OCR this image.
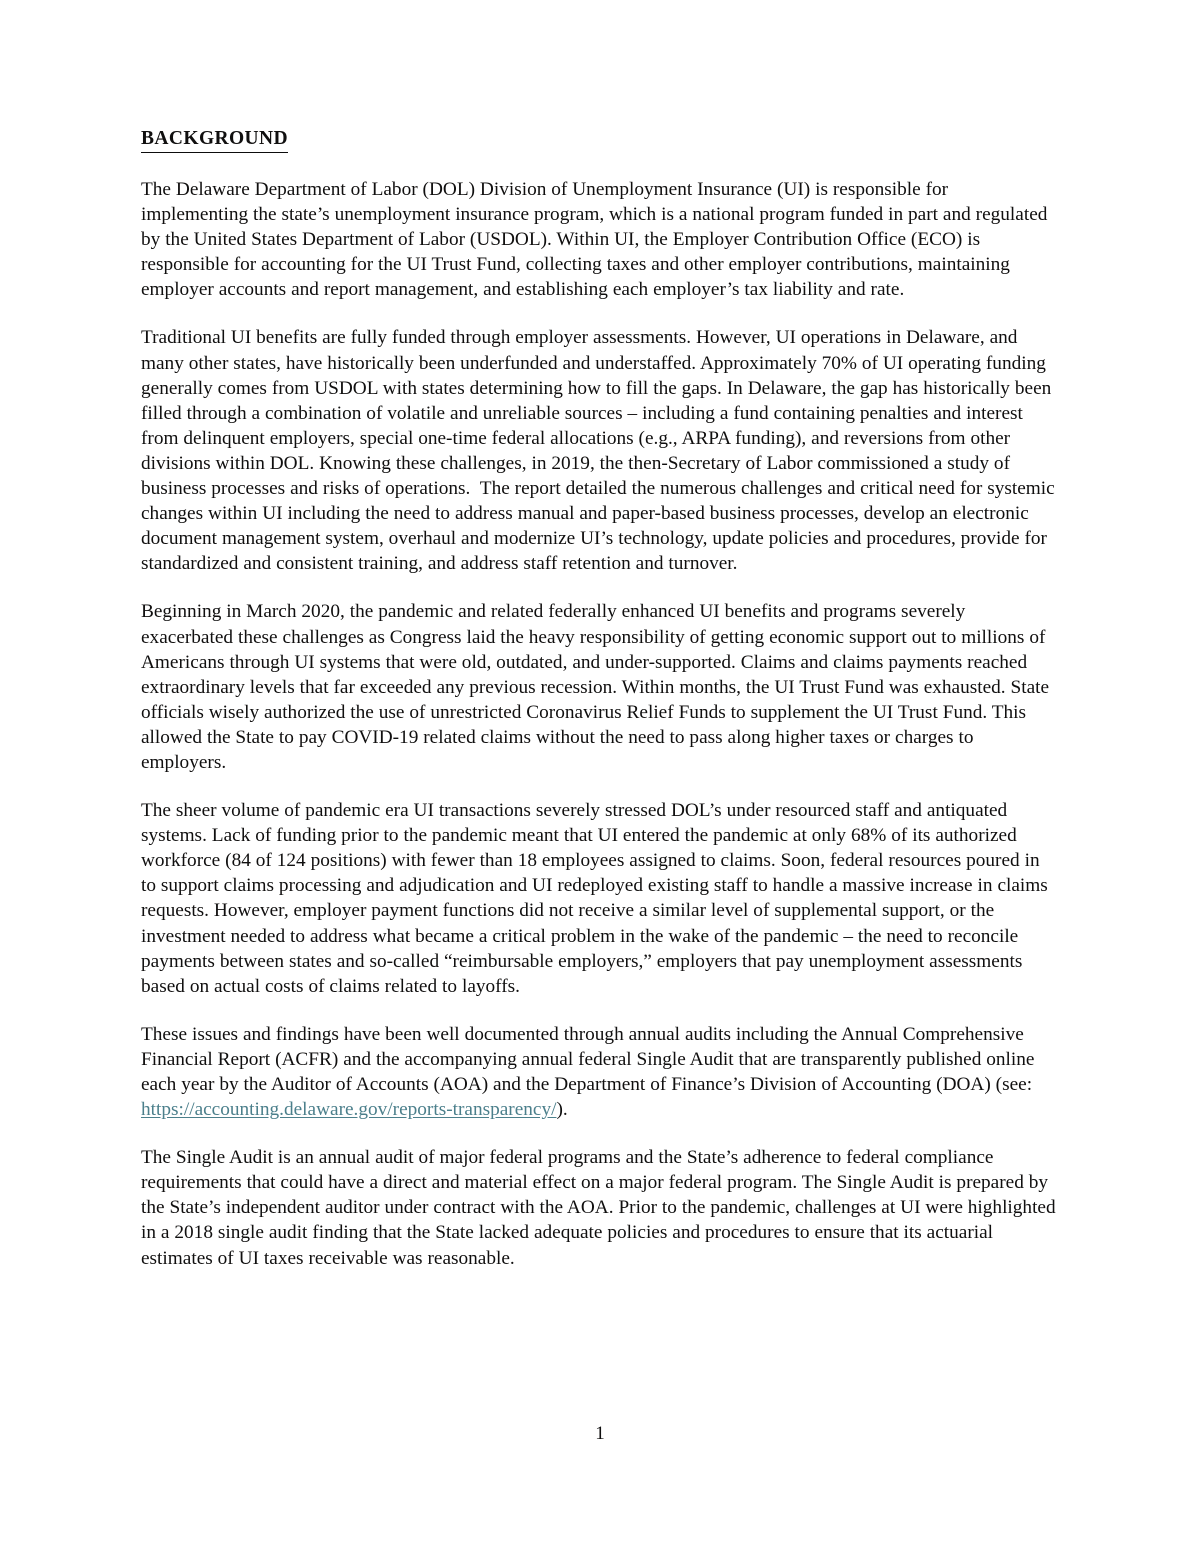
BACKGROUND

The Delaware Department of Labor (DOL) Division of Unemployment Insurance (UI) is responsible for implementing the state’s unemployment insurance program, which is a national program funded in part and regulated by the United States Department of Labor (USDOL). Within UI, the Employer Contribution Office (ECO) is responsible for accounting for the UI Trust Fund, collecting taxes and other employer contributions, maintaining employer accounts and report management, and establishing each employer’s tax liability and rate.

Traditional UI benefits are fully funded through employer assessments. However, UI operations in Delaware, and many other states, have historically been underfunded and understaffed. Approximately 70% of UI operating funding generally comes from USDOL with states determining how to fill the gaps. In Delaware, the gap has historically been filled through a combination of volatile and unreliable sources – including a fund containing penalties and interest from delinquent employers, special one-time federal allocations (e.g., ARPA funding), and reversions from other divisions within DOL. Knowing these challenges, in 2019, the then-Secretary of Labor commissioned a study of business processes and risks of operations.  The report detailed the numerous challenges and critical need for systemic changes within UI including the need to address manual and paper-based business processes, develop an electronic document management system, overhaul and modernize UI’s technology, update policies and procedures, provide for standardized and consistent training, and address staff retention and turnover.

Beginning in March 2020, the pandemic and related federally enhanced UI benefits and programs severely exacerbated these challenges as Congress laid the heavy responsibility of getting economic support out to millions of Americans through UI systems that were old, outdated, and under-supported. Claims and claims payments reached extraordinary levels that far exceeded any previous recession. Within months, the UI Trust Fund was exhausted. State officials wisely authorized the use of unrestricted Coronavirus Relief Funds to supplement the UI Trust Fund. This allowed the State to pay COVID-19 related claims without the need to pass along higher taxes or charges to employers.

The sheer volume of pandemic era UI transactions severely stressed DOL’s under resourced staff and antiquated systems. Lack of funding prior to the pandemic meant that UI entered the pandemic at only 68% of its authorized workforce (84 of 124 positions) with fewer than 18 employees assigned to claims. Soon, federal resources poured in to support claims processing and adjudication and UI redeployed existing staff to handle a massive increase in claims requests. However, employer payment functions did not receive a similar level of supplemental support, or the investment needed to address what became a critical problem in the wake of the pandemic – the need to reconcile payments between states and so-called “reimbursable employers,” employers that pay unemployment assessments based on actual costs of claims related to layoffs.

These issues and findings have been well documented through annual audits including the Annual Comprehensive Financial Report (ACFR) and the accompanying annual federal Single Audit that are transparently published online each year by the Auditor of Accounts (AOA) and the Department of Finance’s Division of Accounting (DOA) (see:  https://accounting.delaware.gov/reports-transparency/).

The Single Audit is an annual audit of major federal programs and the State’s adherence to federal compliance requirements that could have a direct and material effect on a major federal program. The Single Audit is prepared by the State’s independent auditor under contract with the AOA. Prior to the pandemic, challenges at UI were highlighted in a 2018 single audit finding that the State lacked adequate policies and procedures to ensure that its actuarial estimates of UI taxes receivable was reasonable.

1
